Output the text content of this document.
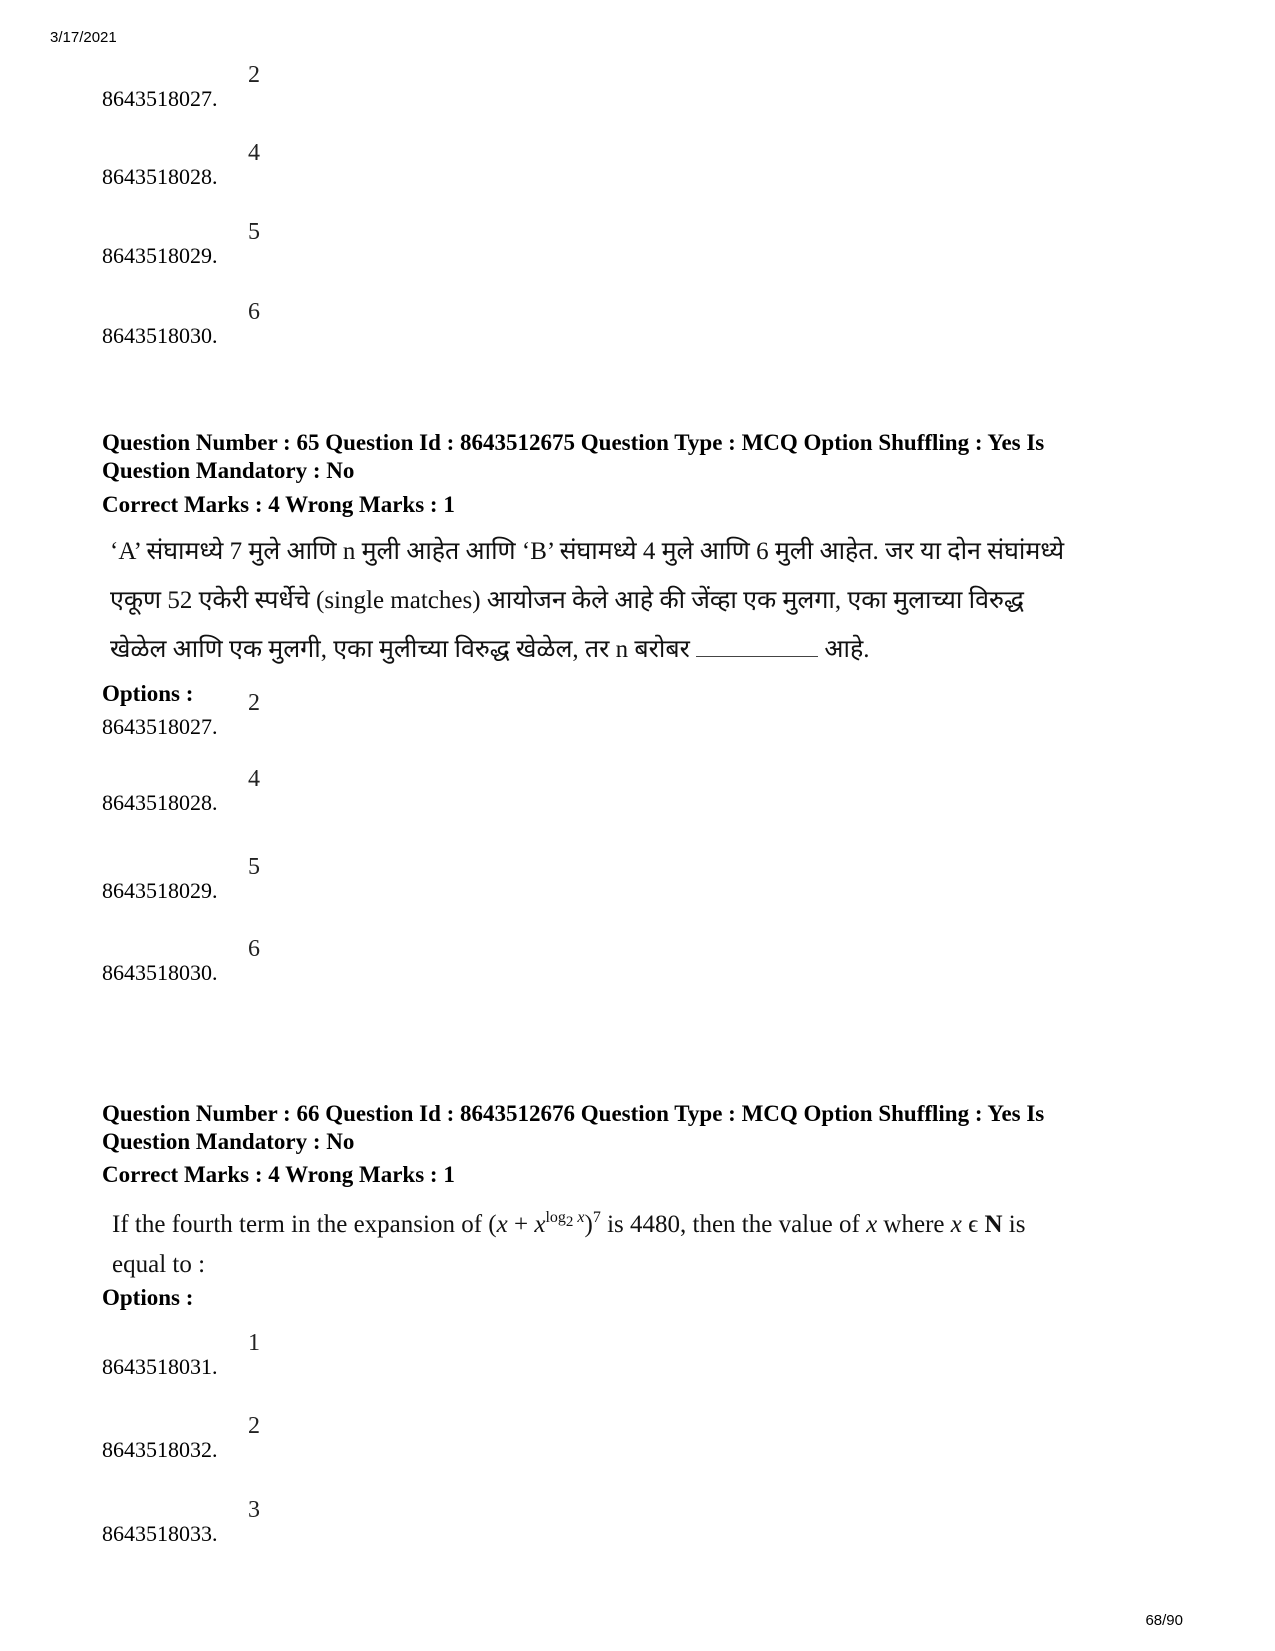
3/17/2021
8643518027.
2
8643518028.
4
8643518029.
5
8643518030.
6
Question Number : 65 Question Id : 8643512675 Question Type : MCQ Option Shuffling : Yes Is
Question Mandatory : No
Correct Marks : 4 Wrong Marks : 1
‘A’ संघामध्ये 7 मुले आणि n मुली आहेत आणि ‘B’ संघामध्ये 4 मुले आणि 6 मुली आहेत. जर या दोन संघांमध्ये
एकूण 52 एकेरी स्पर्धेचे (single matches) आयोजन केले आहे की जेंव्हा एक मुलगा, एका मुलाच्या विरुद्ध
खेळेल आणि एक मुलगी, एका मुलीच्या विरुद्ध खेळेल, तर n बरोबर	आहे.
Options :
8643518027.
2
8643518028.
4
8643518029.
5
8643518030.
6
Question Number : 66 Question Id : 8643512676 Question Type : MCQ Option Shuffling : Yes Is
Question Mandatory : No
Correct Marks : 4 Wrong Marks : 1
If the fourth term in the expansion of $(x + x^{log_2 x})^7$ is 4480, then the value of x where x ϵ N is
equal to :
Options :
8643518031.
1
8643518032.
2
8643518033.
3
68/90
